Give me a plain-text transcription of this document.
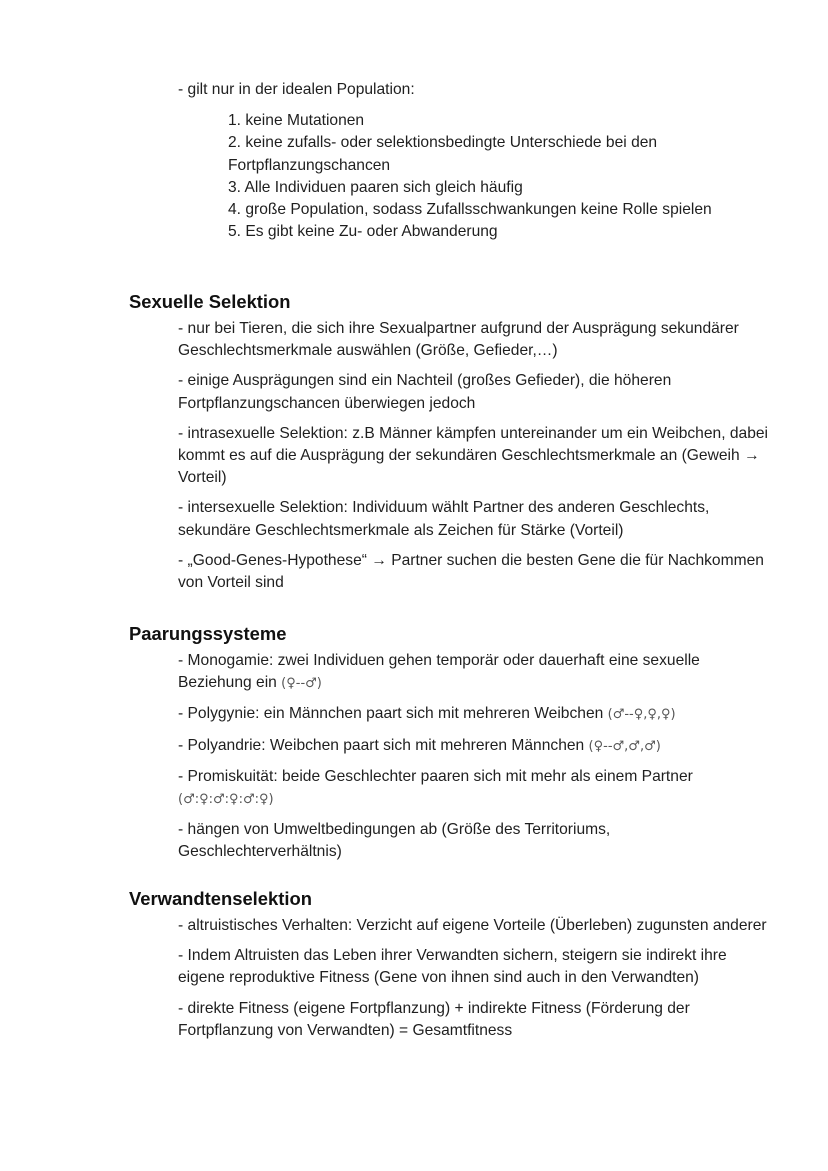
- gilt nur in der idealen Population:
1. keine Mutationen
2. keine zufalls- oder selektionsbedingte Unterschiede bei den Fortpflanzungschancen
3. Alle Individuen paaren sich gleich häufig
4. große Population, sodass Zufallsschwankungen keine Rolle spielen
5. Es gibt keine Zu- oder Abwanderung
Sexuelle Selektion
- nur bei Tieren, die sich ihre Sexualpartner aufgrund der Ausprägung sekundärer Geschlechtsmerkmale auswählen (Größe, Gefieder,…)
- einige Ausprägungen sind ein Nachteil (großes Gefieder), die höheren Fortpflanzungschancen überwiegen jedoch
- intrasexuelle Selektion: z.B Männer kämpfen untereinander um ein Weibchen, dabei kommt es auf die Ausprägung der sekundären Geschlechtsmerkmale an (Geweih → Vorteil)
- intersexuelle Selektion: Individuum wählt Partner des anderen Geschlechts, sekundäre Geschlechtsmerkmale als Zeichen für Stärke (Vorteil)
- „Good-Genes-Hypothese“ → Partner suchen die besten Gene die für Nachkommen von Vorteil sind
Paarungssysteme
- Monogamie: zwei Individuen gehen temporär oder dauerhaft eine sexuelle Beziehung ein (♀--♂)
- Polygynie: ein Männchen paart sich mit mehreren Weibchen (♂--♀,♀,♀)
- Polyandrie: Weibchen paart sich mit mehreren Männchen (♀--♂,♂,♂)
- Promiskuität: beide Geschlechter paaren sich mit mehr als einem Partner (♂:♀:♂:♀:♂:♀)
- hängen von Umweltbedingungen ab (Größe des Territoriums, Geschlechterverhältnis)
Verwandtenselektion
- altruistisches Verhalten: Verzicht auf eigene Vorteile (Überleben) zugunsten anderer
- Indem Altruisten das Leben ihrer Verwandten sichern, steigern sie indirekt ihre eigene reproduktive Fitness (Gene von ihnen sind auch in den Verwandten)
- direkte Fitness (eigene Fortpflanzung) + indirekte Fitness (Förderung der Fortpflanzung von Verwandten) = Gesamtfitness
